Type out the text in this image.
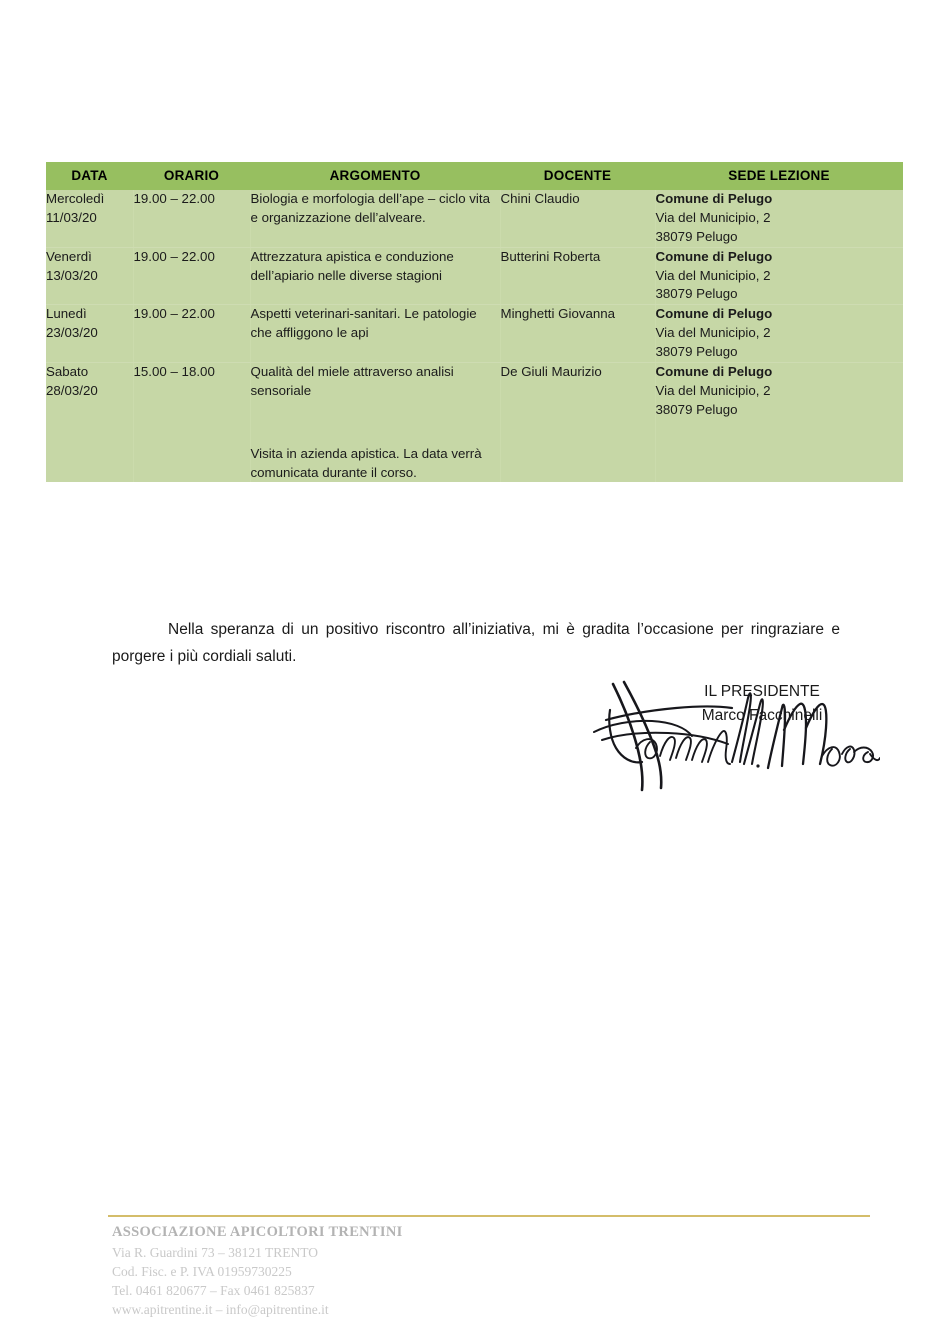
DATA	ORARIO	ARGOMENTO	DOCENTE	SEDE LEZIONE

Mercoledì
11/03/20	19.00 – 22.00	Biologia e morfologia dell’ape – ciclo vita e organizzazione dell’alveare.	Chini Claudio	Comune di Pelugo
Via del Municipio, 2
38079 Pelugo

Venerdì
13/03/20	19.00 – 22.00	Attrezzatura apistica e conduzione dell’apiario nelle diverse stagioni	Butterini Roberta	Comune di Pelugo
Via del Municipio, 2
38079 Pelugo

Lunedì
23/03/20	19.00 – 22.00	Aspetti veterinari-sanitari. Le patologie che affliggono le api	Minghetti Giovanna	Comune di Pelugo
Via del Municipio, 2
38079 Pelugo

Sabato
28/03/20	15.00 – 18.00	Qualità del miele attraverso analisi sensoriale
Visita in azienda apistica. La data verrà comunicata durante il corso.	De Giuli Maurizio	Comune di Pelugo
Via del Municipio, 2
38079 Pelugo

Nella speranza di un positivo riscontro all’iniziativa, mi è gradita l’occasione per ringraziare e porgere i più cordiali saluti.

IL PRESIDENTE
Marco Facchinelli
ASSOCIAZIONE APICOLTORI TRENTINI
Via R. Guardini 73 – 38121 TRENTO
Cod. Fisc. e P. IVA 01959730225
Tel. 0461 820677 – Fax 0461 825837
www.apitrentine.it – info@apitrentine.it
